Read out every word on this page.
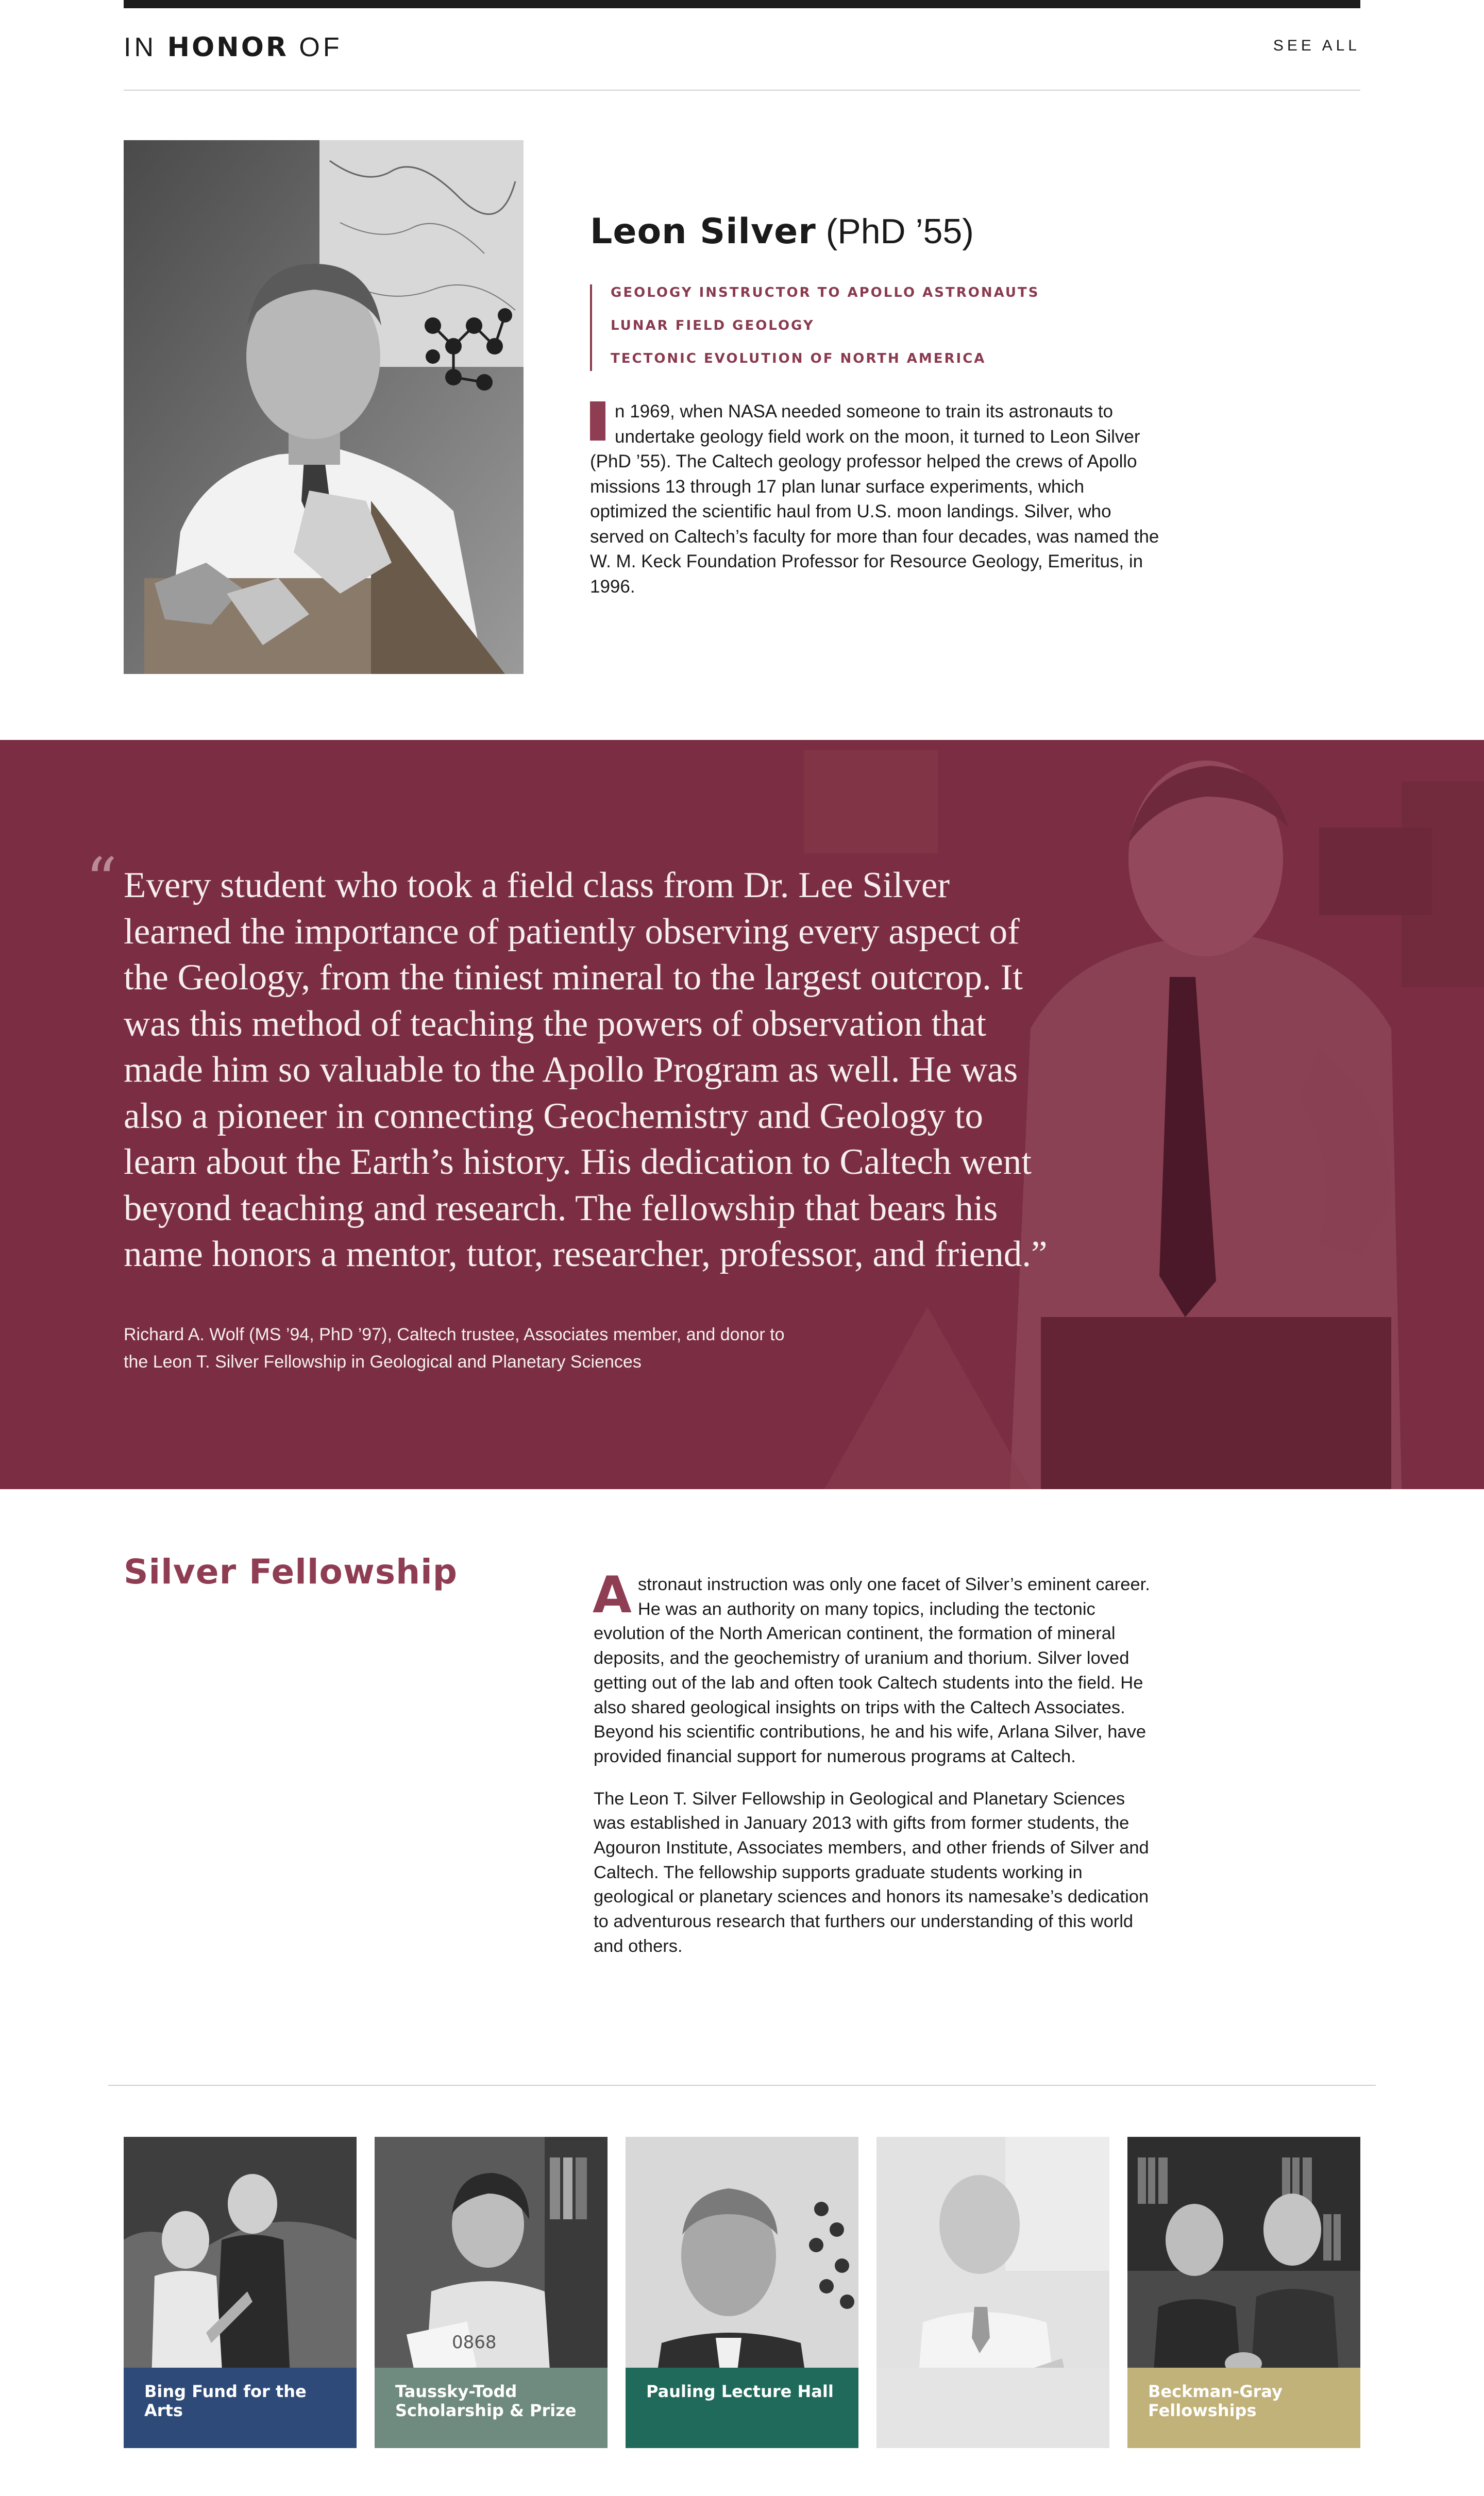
IN HONOR OF	SEE ALL
Leon Silver (PhD ’55)
GEOLOGY INSTRUCTOR TO APOLLO ASTRONAUTS
LUNAR FIELD GEOLOGY
TECTONIC EVOLUTION OF NORTH AMERICA
n 1969, when NASA needed someone to train its astronauts to undertake geology field work on the moon, it turned to Leon Silver (PhD ’55). The Caltech geology professor helped the crews of Apollo missions 13 through 17 plan lunar surface experiments, which optimized the scientific haul from U.S. moon landings. Silver, who served on Caltech’s faculty for more than four decades, was named the W. M. Keck Foundation Professor for Resource Geology, Emeritus, in 1996.
“ Every student who took a field class from Dr. Lee Silver learned the importance of patiently observing every aspect of the Geology, from the tiniest mineral to the largest outcrop. It was this method of teaching the powers of observation that made him so valuable to the Apollo Program as well. He was also a pioneer in connecting Geochemistry and Geology to learn about the Earth’s history. His dedication to Caltech went beyond teaching and research. The fellowship that bears his name honors a mentor, tutor, researcher, professor, and friend.”
Richard A. Wolf (MS ’94, PhD ’97), Caltech trustee, Associates member, and donor to the Leon T. Silver Fellowship in Geological and Planetary Sciences
Silver Fellowship	A stronaut instruction was only one facet of Silver’s eminent career. He was an authority on many topics, including the tectonic evolution of the North American continent, the formation of mineral deposits, and the geochemistry of uranium and thorium. Silver loved getting out of the lab and often took Caltech students into the field. He also shared geological insights on trips with the Caltech Associates. Beyond his scientific contributions, he and his wife, Arlana Silver, have provided financial support for numerous programs at Caltech.

The Leon T. Silver Fellowship in Geological and Planetary Sciences was established in January 2013 with gifts from former students, the Agouron Institute, Associates members, and other friends of Silver and Caltech. The fellowship supports graduate students working in geological or planetary sciences and honors its namesake’s dedication to adventurous research that furthers our understanding of this world and others.

Bing Fund for the Arts
0868
Taussky-Todd Scholarship & Prize
Pauling Lecture Hall	Beckman-Gray Fellowships
